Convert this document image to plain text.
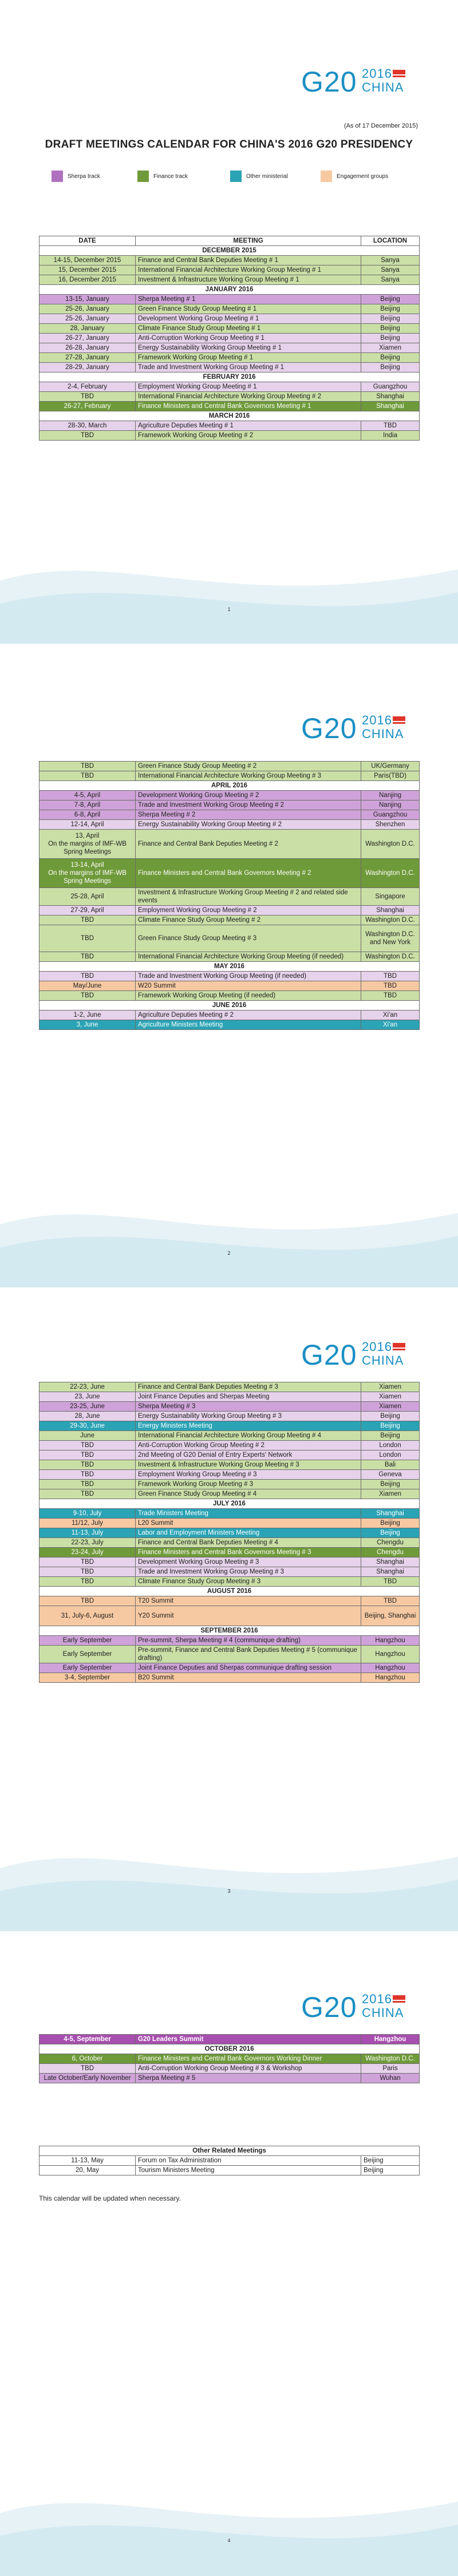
G20 2016
CHINA
(As of 17 December 2015)
DRAFT MEETINGS CALENDAR FOR CHINA'S 2016 G20 PRESIDENCY
Sherpa track	Finance track	Other ministerial	Engagement groups
DATE	MEETING	LOCATION
DECEMBER 2015		
14-15, December 2015	Finance and Central Bank Deputies Meeting # 1	Sanya
15, December 2015	International Financial Architecture Working Group Meeting # 1	Sanya
16, December 2015	Investment & Infrastructure Working Group Meeting # 1	Sanya
JANUARY 2016		
13-15, January	Sherpa Meeting # 1	Beijing
25-26, January	Green Finance Study Group Meeting # 1	Beijing
25-26, January	Development Working Group Meeting # 1	Beijing
28, January	Climate Finance Study Group Meeting # 1	Beijing
26-27, January	Anti-Corruption Working Group Meeting # 1	Beijing
26-28, January	Energy Sustainability Working Group Meeting # 1	Xiamen
27-28, January	Framework Working Group Meeting # 1	Beijing
28-29, January	Trade and Investment Working Group Meeting # 1	Beijing
FEBRUARY 2016		
2-4, February	Employment Working Group Meeting # 1	Guangzhou
TBD	International Financial Architecture Working Group Meeting # 2	Shanghai
26-27, February	Finance Ministers and Central Bank Governors Meeting # 1	Shanghai
MARCH 2016		
28-30, March	Agriculture Deputies Meeting # 1	TBD
TBD	Framework Working Group Meeting # 2	India
1
G20 2016
CHINA
TBD	Green Finance Study Group Meeting # 2	UK/Germany
TBD	International Financial Architecture Working Group Meeting # 3	Paris(TBD)
APRIL 2016		
4-5, April	Development Working Group Meeting # 2	Nanjing
7-8, April	Trade and Investment Working Group Meeting # 2	Nanjing
6-8, April	Sherpa Meeting # 2	Guangzhou
12-14, April	Energy Sustainability Working Group Meeting # 2	Shenzhen
13, April
On the margins of IMF-WB Spring Meetings	Finance and Central Bank Deputies Meeting # 2	Washington D.C.
13-14, April
On the margins of IMF-WB Spring Meetings	Finance Ministers and Central Bank Governors Meeting # 2	Washington D.C.
25-28, April	Investment & Infrastructure Working Group Meeting # 2 and related side events	Singapore
27-29, April	Employment Working Group Meeting # 2	Shanghai
TBD	Climate Finance Study Group Meeting # 2	Washington D.C.
TBD	Green Finance Study Group Meeting # 3	Washington D.C. and New York
TBD	International Financial Architecture Working Group Meeting (if needed)	Washington D.C.
MAY 2016		
TBD	Trade and Investment Working Group Meeting (if needed)	TBD
May/June	W20 Summit	TBD
TBD	Framework Working Group Meeting (if needed)	TBD
JUNE 2016		
1-2, June	Agriculture Deputies Meeting # 2	Xi'an
3, June	Agriculture Ministers Meeting	Xi'an
2
G20 2016
CHINA
22-23, June	Finance and Central Bank Deputies Meeting # 3	Xiamen
23, June	Joint Finance Deputies and Sherpas Meeting	Xiamen
23-25, June	Sherpa Meeting # 3	Xiamen
28, June	Energy Sustainability Working Group Meeting # 3	Beijing
29-30, June	Energy Ministers Meeting	Beijing
June	International Financial Architecture Working Group Meeting # 4	Beijing
TBD	Anti-Corruption Working Group Meeting # 2	London
TBD	2nd Meeting of G20 Denial of Entry Experts' Network	London
TBD	Investment & Infrastructure Working Group Meeting # 3	Bali
TBD	Employment Working Group Meeting # 3	Geneva
TBD	Framework Working Group Meeting # 3	Beijing
TBD	Green Finance Study Group Meeting # 4	Xiamen
JULY 2016		
9-10, July	Trade Ministers Meeting	Shanghai
11/12, July	L20 Summit	Beijing
11-13, July	Labor and Employment Ministers Meeting	Beijing
22-23, July	Finance and Central Bank Deputies Meeting # 4	Chengdu
23-24, July	Finance Ministers and Central Bank Governors Meeting # 3	Chengdu
TBD	Development Working Group Meeting # 3	Shanghai
TBD	Trade and Investment Working Group Meeting # 3	Shanghai
TBD	Climate Finance Study Group Meeting # 3	TBD
AUGUST 2016		
TBD	T20 Summit	TBD
31, July-6, August	Y20 Summit	Beijing, Shanghai
SEPTEMBER 2016		
Early September	Pre-summit, Sherpa Meeting # 4 (communique drafting)	Hangzhou
Early September	Pre-summit, Finance and Central Bank Deputies Meeting # 5 (communique drafting)	Hangzhou
Early September	Joint Finance Deputies and Sherpas communique drafting session	Hangzhou
3-4, September	B20 Summit	Hangzhou
3
G20 2016
CHINA
4-5, September	G20 Leaders Summit	Hangzhou
OCTOBER 2016		
6, October	Finance Ministers and Central Bank Governors Working Dinner	Washington D.C.
TBD	Anti-Corruption Working Group Meeting # 3 & Workshop	Paris
Late October/Early November	Sherpa Meeting # 5	Wuhan
Other Related Meetings		
11-13, May	Forum on Tax Administration	Beijing
20, May	Tourism Ministers Meeting	Beijing
This calendar will be updated when necessary.
4
